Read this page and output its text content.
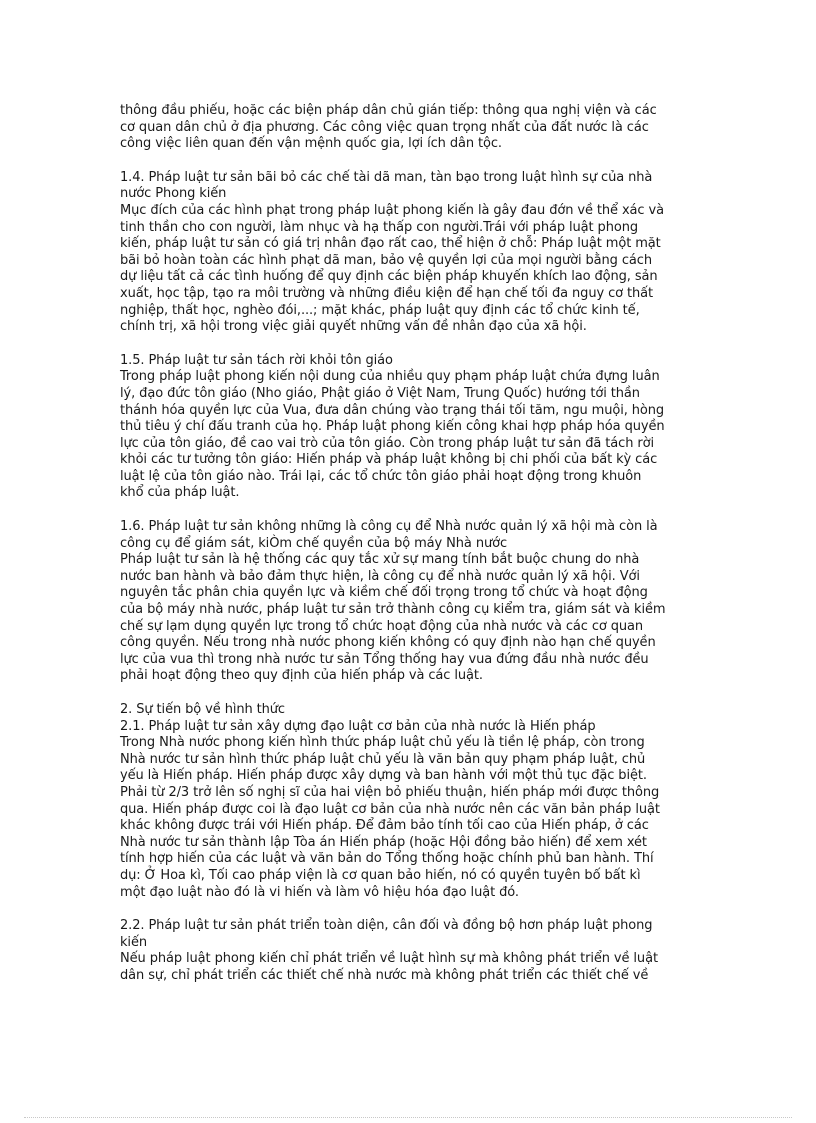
thông đầu phiếu, hoặc các biện pháp dân chủ gián tiếp: thông qua nghị viện và các
cơ quan dân chủ ở địa phương. Các công việc quan trọng nhất của đất nước là các
công việc liên quan đến vận mệnh quốc gia, lợi ích dân tộc.

1.4. Pháp luật tư sản bãi bỏ các chế tài dã man, tàn bạo trong luật hình sự của nhà
nước Phong kiến
Mục đích của các hình phạt trong pháp luật phong kiến là gây đau đớn về thể xác và
tinh thần cho con người, làm nhục và hạ thấp con người.Trái với pháp luật phong
kiến, pháp luật tư sản có giá trị nhân đạo rất cao, thể hiện ở chỗ: Pháp luật một mặt
bãi bỏ hoàn toàn các hình phạt dã man, bảo vệ quyền lợi của mọi người bằng cách
dự liệu tất cả các tình huống để quy định các biện pháp khuyến khích lao động, sản
xuất, học tập, tạo ra môi trường và những điều kiện để hạn chế tối đa nguy cơ thất
nghiệp, thất học, nghèo đói,...; mặt khác, pháp luật quy định các tổ chức kinh tế,
chính trị, xã hội trong việc giải quyết những vấn đề nhân đạo của xã hội.

1.5. Pháp luật tư sản tách rời khỏi tôn giáo
Trong pháp luật phong kiến nội dung của nhiều quy phạm pháp luật chứa đựng luân
lý, đạo đức tôn giáo (Nho giáo, Phật giáo ở Việt Nam, Trung Quốc) hướng tới thần
thánh hóa quyền lực của Vua, đưa dân chúng vào trạng thái tối tăm, ngu muội, hòng
thủ tiêu ý chí đấu tranh của họ. Pháp luật phong kiến công khai hợp pháp hóa quyền
lực của tôn giáo, đề cao vai trò của tôn giáo. Còn trong pháp luật tư sản đã tách rời
khỏi các tư tưởng tôn giáo: Hiến pháp và pháp luật không bị chi phối của bất kỳ các
luật lệ của tôn giáo nào. Trái lại, các tổ chức tôn giáo phải hoạt động trong khuôn
khổ của pháp luật.

1.6. Pháp luật tư sản không những là công cụ để Nhà nước quản lý xã hội mà còn là
công cụ để giám sát, kiÒm chế quyền của bộ máy Nhà nước
Pháp luật tư sản là hệ thống các quy tắc xử sự mang tính bắt buộc chung do nhà
nước ban hành và bảo đảm thực hiện, là công cụ để nhà nước quản lý xã hội. Với
nguyên tắc phân chia quyền lực và kiềm chế đối trọng trong tổ chức và hoạt động
của bộ máy nhà nước, pháp luật tư sản trở thành công cụ kiểm tra, giám sát và kiềm
chế sự lạm dụng quyền lực trong tổ chức hoạt động của nhà nước và các cơ quan
công quyền. Nếu trong nhà nước phong kiến không có quy định nào hạn chế quyền
lực của vua thì trong nhà nước tư sản Tổng thống hay vua đứng đầu nhà nước đều
phải hoạt động theo quy định của hiến pháp và các luật.

2. Sự tiến bộ về hình thức
2.1. Pháp luật tư sản xây dựng đạo luật cơ bản của nhà nước là Hiến pháp
Trong Nhà nước phong kiến hình thức pháp luật chủ yếu là tiền lệ pháp, còn trong
Nhà nước tư sản hình thức pháp luật chủ yếu là văn bản quy phạm pháp luật, chủ
yếu là Hiến pháp. Hiến pháp được xây dựng và ban hành với một thủ tục đặc biệt.
Phải từ 2/3 trở lên số nghị sĩ của hai viện bỏ phiếu thuận, hiến pháp mới được thông
qua. Hiến pháp được coi là đạo luật cơ bản của nhà nước nên các văn bản pháp luật
khác không được trái với Hiến pháp. Để đảm bảo tính tối cao của Hiến pháp, ở các
Nhà nước tư sản thành lập Tòa án Hiến pháp (hoặc Hội đồng bảo hiến) để xem xét
tính hợp hiến của các luật và văn bản do Tổng thống hoặc chính phủ ban hành. Thí
dụ: Ở Hoa kì, Tối cao pháp viện là cơ quan bảo hiến, nó có quyền tuyên bố bất kì
một đạo luật nào đó là vi hiến và làm vô hiệu hóa đạo luật đó.

2.2. Pháp luật tư sản phát triển toàn diện, cân đối và đồng bộ hơn pháp luật phong
kiến
Nếu pháp luật phong kiến chỉ phát triển về luật hình sự mà không phát triển về luật
dân sự, chỉ phát triển các thiết chế nhà nước mà không phát triển các thiết chế về
